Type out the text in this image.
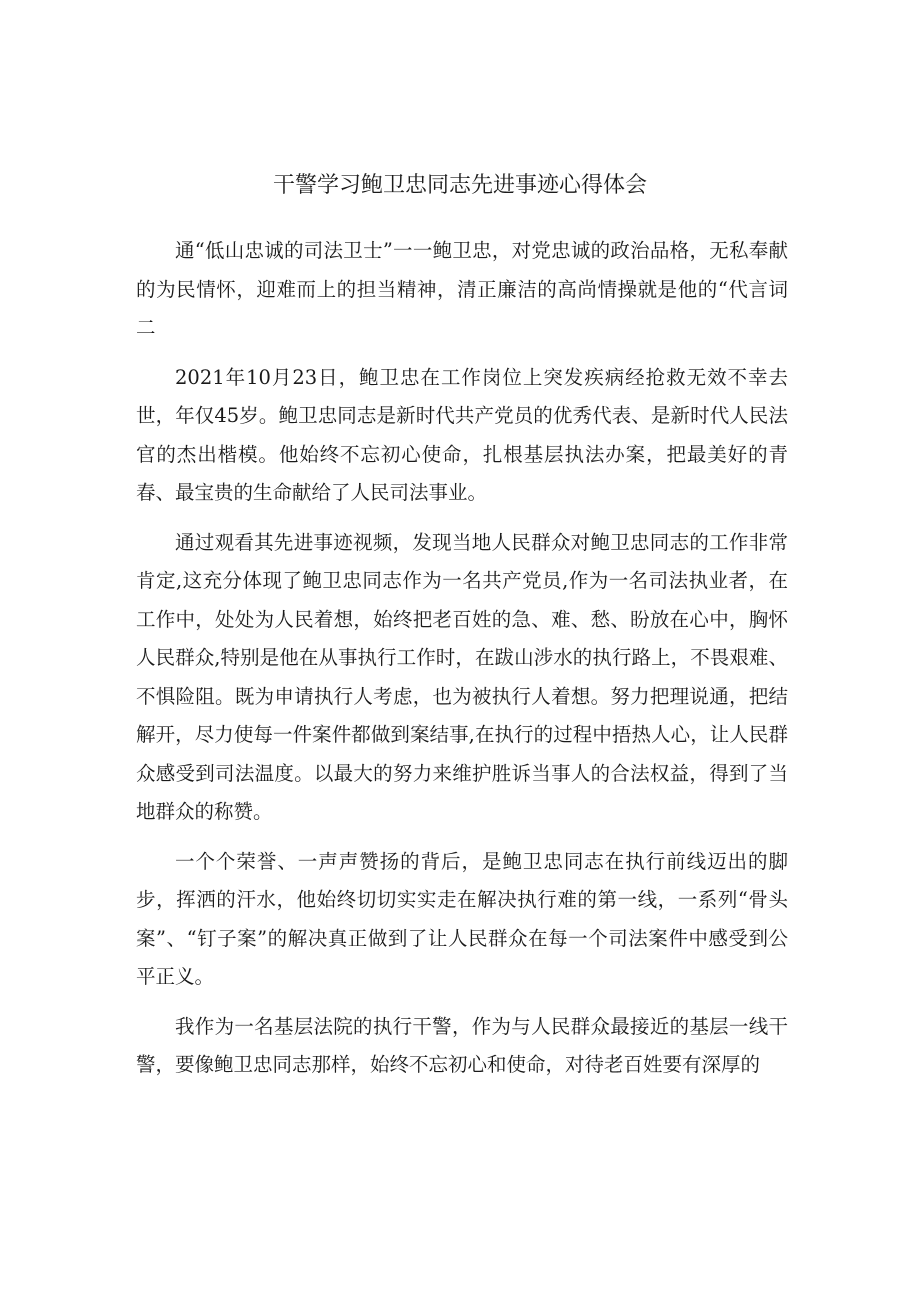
干警学习鲍卫忠同志先进事迹心得体会

通“低山忠诚的司法卫士”一一鲍卫忠，对党忠诚的政治品格，无私奉献的为民情怀，迎难而上的担当精神，清正廉洁的高尚情操就是他的“代言词二

2021年10月23日，鲍卫忠在工作岗位上突发疾病经抢救无效不幸去世，年仅45岁。鲍卫忠同志是新时代共产党员的优秀代表、是新时代人民法官的杰出楷模。他始终不忘初心使命，扎根基层执法办案，把最美好的青春、最宝贵的生命献给了人民司法事业。

通过观看其先进事迹视频，发现当地人民群众对鲍卫忠同志的工作非常肯定,这充分体现了鲍卫忠同志作为一名共产党员,作为一名司法执业者，在工作中，处处为人民着想，始终把老百姓的急、难、愁、盼放在心中，胸怀人民群众,特别是他在从事执行工作时，在跋山涉水的执行路上，不畏艰难、不惧险阻。既为申请执行人考虑，也为被执行人着想。努力把理说通，把结解开，尽力使每一件案件都做到案结事,在执行的过程中捂热人心，让人民群众感受到司法温度。以最大的努力来维护胜诉当事人的合法权益，得到了当地群众的称赞。

一个个荣誉、一声声赞扬的背后，是鲍卫忠同志在执行前线迈出的脚步，挥洒的汗水，他始终切切实实走在解决执行难的第一线，一系列“骨头案”、“钉子案”的解决真正做到了让人民群众在每一个司法案件中感受到公平正义。

我作为一名基层法院的执行干警，作为与人民群众最接近的基层一线干警，要像鲍卫忠同志那样，始终不忘初心和使命，对待老百姓要有深厚的
